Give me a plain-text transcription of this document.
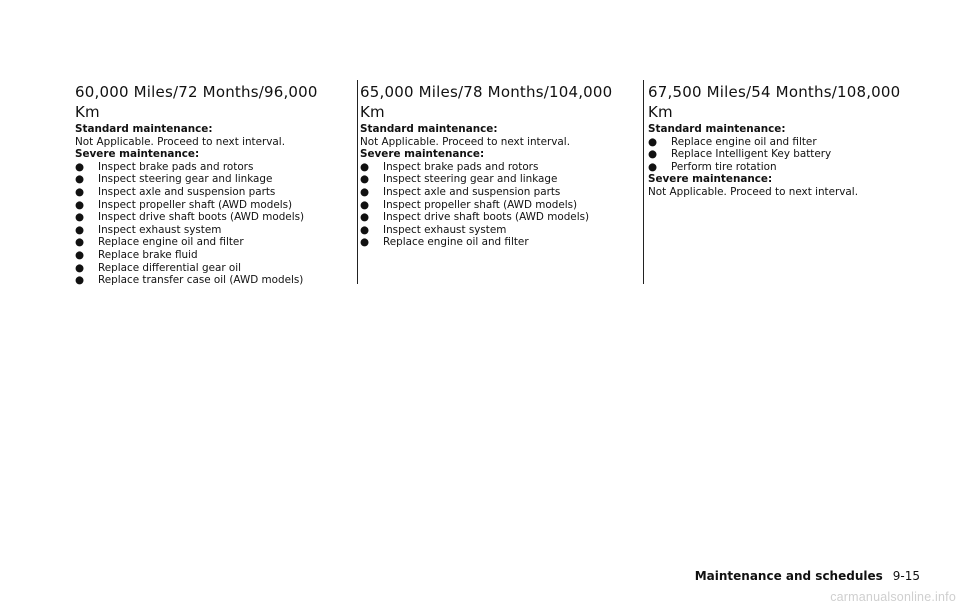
60,000 Miles/72 Months/96,000 Km
Standard maintenance:
Not Applicable. Proceed to next interval.
Severe maintenance:
● Inspect brake pads and rotors
● Inspect steering gear and linkage
● Inspect axle and suspension parts
● Inspect propeller shaft (AWD models)
● Inspect drive shaft boots (AWD models)
● Inspect exhaust system
● Replace engine oil and filter
● Replace brake fluid
● Replace differential gear oil
● Replace transfer case oil (AWD models)
65,000 Miles/78 Months/104,000 Km
Standard maintenance:
Not Applicable. Proceed to next interval.
Severe maintenance:
● Inspect brake pads and rotors
● Inspect steering gear and linkage
● Inspect axle and suspension parts
● Inspect propeller shaft (AWD models)
● Inspect drive shaft boots (AWD models)
● Inspect exhaust system
● Replace engine oil and filter
67,500 Miles/54 Months/108,000 Km
Standard maintenance:
● Replace engine oil and filter
● Replace Intelligent Key battery
● Perform tire rotation
Severe maintenance:
Not Applicable. Proceed to next interval.
Maintenance and schedules 9-15
carmanualsonline.info
